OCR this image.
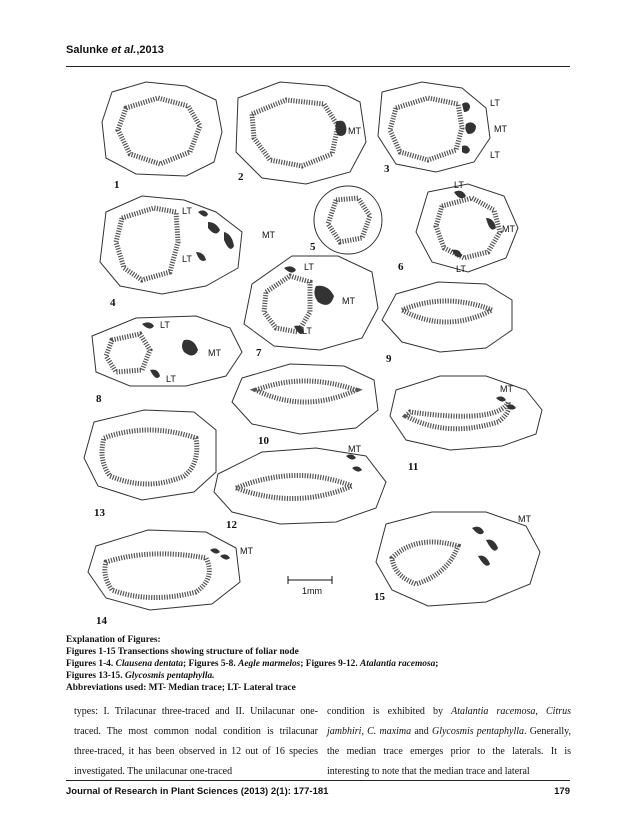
Salunke et al.,2013
1
MT
2
LT
MT
LT
3
LT
MT
LT
4
5
LT
MT
LT
6
LT
MT
LT
7
LT
MT
LT
8
9
10
MT
11
MT
12
13
MT
14
MT
15
1mm
Explanation of Figures:
Figures 1-15 Transections showing structure of foliar node
Figures 1-4. Clausena dentata; Figures 5-8. Aegle marmelos; Figures 9-12. Atalantia racemosa;
Figures 13-15. Glycosmis pentaphylla.
Abbreviations used: MT- Median trace; LT- Lateral trace

types: I. Trilacunar three-traced and II. Unilacunar one-traced. The most common nodal condition is trilacunar three-traced, it has been observed in 12 out of 16 species investigated. The unilacunar one-traced

condition is exhibited by Atalantia racemosa, Citrus jambhiri, C. maxima and Glycosmis pentaphylla. Generally, the median trace emerges prior to the laterals. It is interesting to note that the median trace and lateral

Journal of Research in Plant Sciences (2013) 2(1): 177-181	179
